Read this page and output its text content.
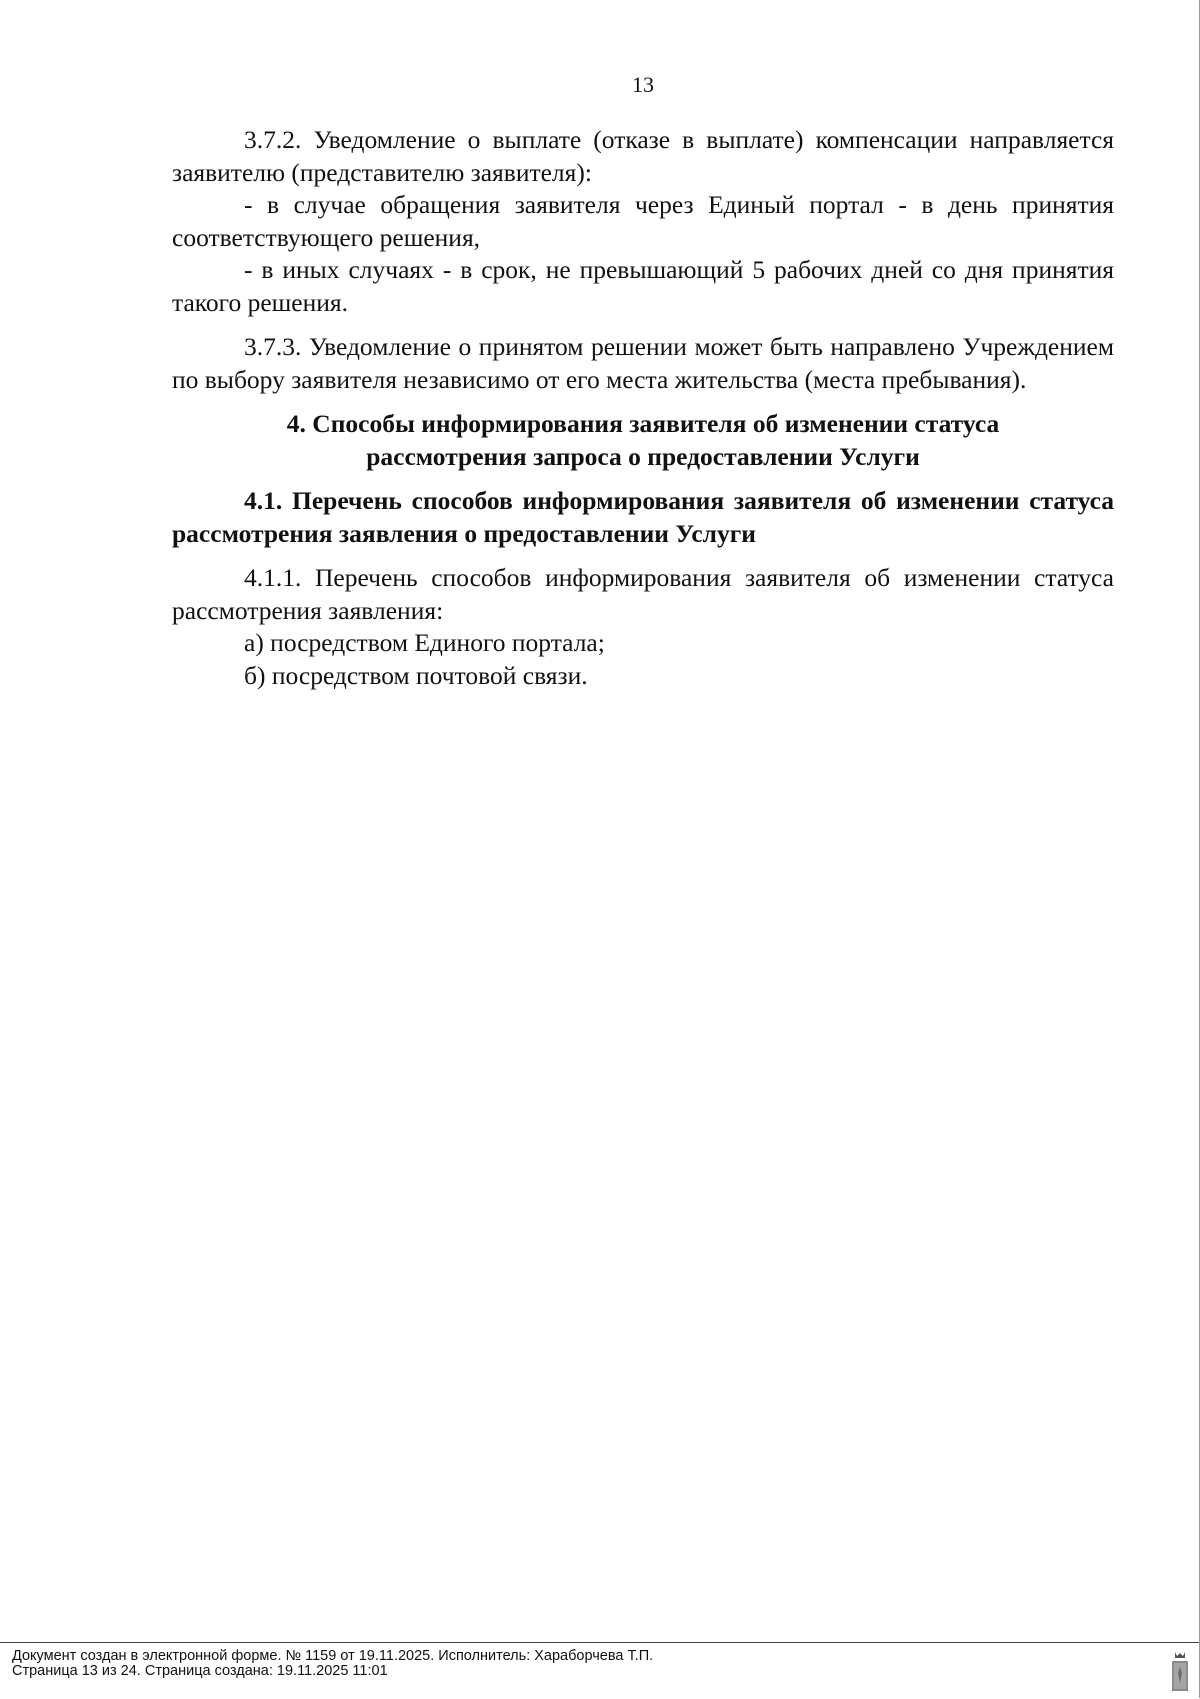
13

3.7.2. Уведомление о выплате (отказе в выплате) компенсации направляется заявителю (представителю заявителя):

- в случае обращения заявителя через Единый портал - в день принятия соответствующего решения,

- в иных случаях - в срок, не превышающий 5 рабочих дней со дня принятия такого решения.

3.7.3. Уведомление о принятом решении может быть направлено Учреждением по выбору заявителя независимо от его места жительства (места пребывания).

4. Способы информирования заявителя об изменении статуса
рассмотрения запроса о предоставлении Услуги

4.1. Перечень способов информирования заявителя об изменении статуса рассмотрения заявления о предоставлении Услуги

4.1.1. Перечень способов информирования заявителя об изменении статуса рассмотрения заявления:

а) посредством Единого портала;

б) посредством почтовой связи.

Документ создан в электронной форме. № 1159 от 19.11.2025. Исполнитель: Хараборчева Т.П.
Страница 13 из 24. Страница создана: 19.11.2025 11:01
